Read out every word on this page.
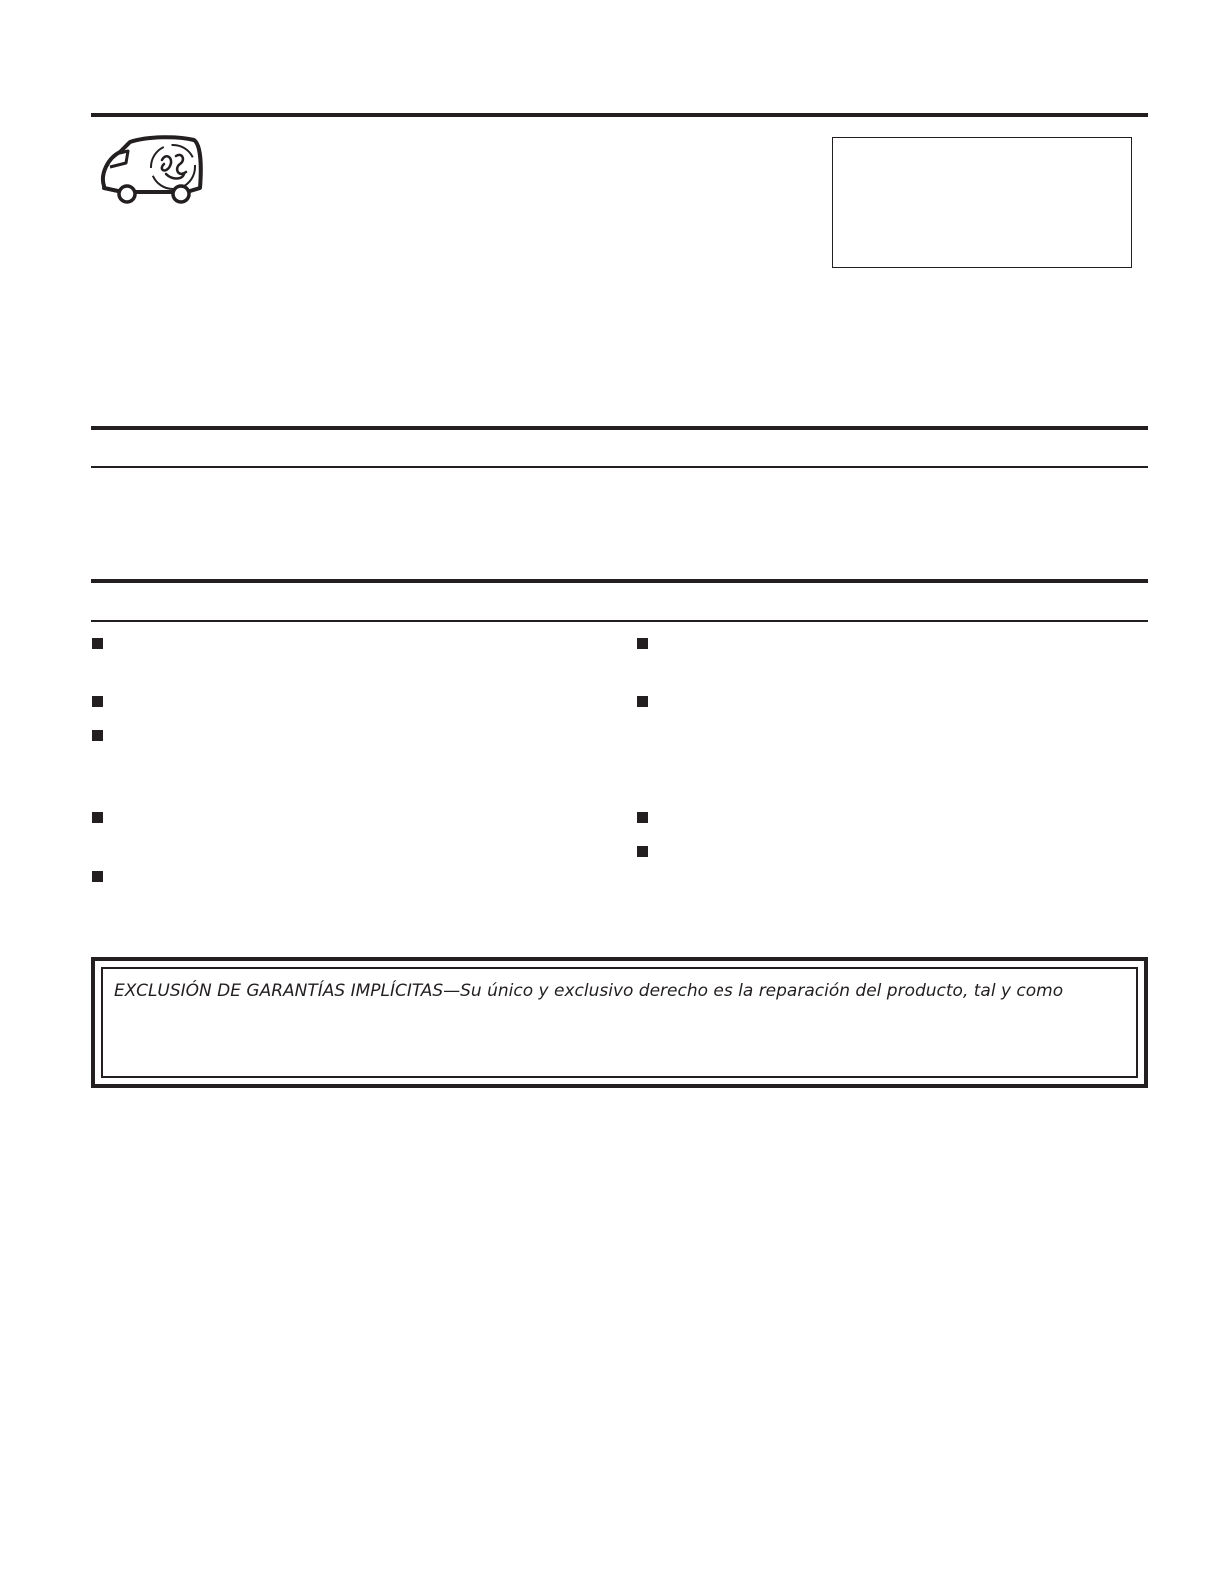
EXCLUSIÓN DE GARANTÍAS IMPLÍCITAS—Su único y exclusivo derecho es la reparación del producto, tal y como
